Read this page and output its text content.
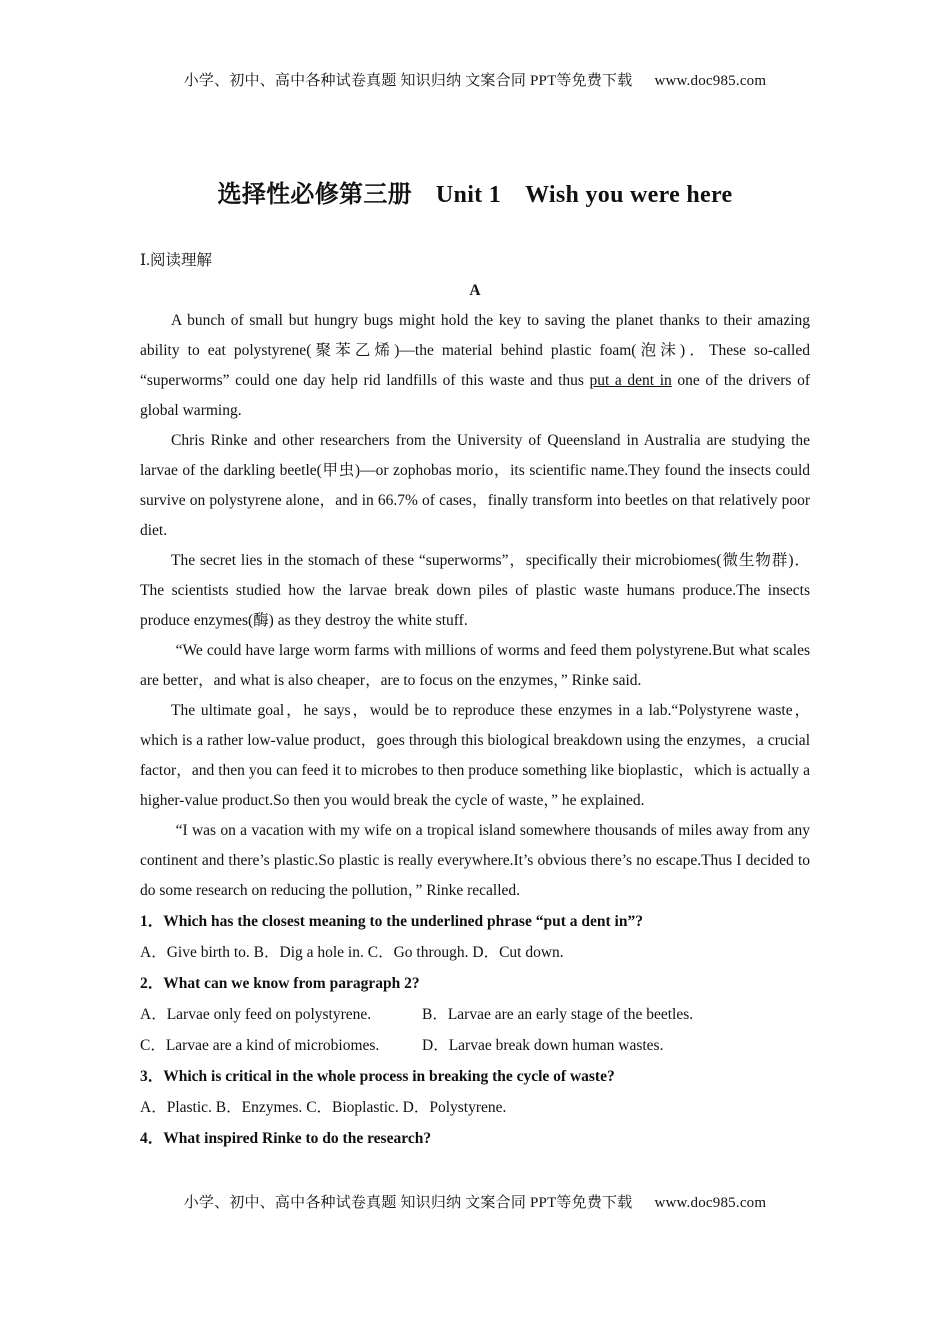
小学、初中、高中各种试卷真题 知识归纳 文案合同 PPT等免费下载 www.doc985.com
选择性必修第三册 Unit 1 Wish you were here
Ⅰ.阅读理解
A

A bunch of small but hungry bugs might hold the key to saving the planet thanks to their amazing ability to eat polystyrene(聚苯乙烯)—the material behind plastic foam(泡沫)．These so-called “superworms” could one day help rid landfills of this waste and thus put a dent in one of the drivers of global warming.

Chris Rinke and other researchers from the University of Queensland in Australia are studying the larvae of the darkling beetle(甲虫)—or zophobas morio，its scientific name.They found the insects could survive on polystyrene alone，and in 66.7% of cases，finally transform into beetles on that relatively poor diet.

The secret lies in the stomach of these “superworms”，specifically their microbiomes(微生物群)．The scientists studied how the larvae break down piles of plastic waste humans produce.The insects produce enzymes(酶) as they destroy the white stuff.

“We could have large worm farms with millions of worms and feed them polystyrene.But what scales are better，and what is also cheaper，are to focus on the enzymes，” Rinke said.

The ultimate goal，he says，would be to reproduce these enzymes in a lab.“Polystyrene waste，which is a rather low-value product，goes through this biological breakdown using the enzymes，a crucial factor，and then you can feed it to microbes to then produce something like bioplastic，which is actually a higher-value product.So then you would break the cycle of waste，” he explained.

“I was on a vacation with my wife on a tropical island somewhere thousands of miles away from any continent and there’s plastic.So plastic is really everywhere.It’s obvious there’s no escape.Thus I decided to do some research on reducing the pollution，” Rinke recalled.

1．Which has the closest meaning to the underlined phrase “put a dent in”?

A．Give birth to. B．Dig a hole in. C．Go through. D．Cut down.

2．What can we know from paragraph 2?

A．Larvae only feed on polystyrene.	B．Larvae are an early stage of the beetles.

C．Larvae are a kind of microbiomes.	D．Larvae break down human wastes.

3．Which is critical in the whole process in breaking the cycle of waste?

A．Plastic. B．Enzymes. C．Bioplastic. D．Polystyrene.

4．What inspired Rinke to do the research?

小学、初中、高中各种试卷真题 知识归纳 文案合同 PPT等免费下载 www.doc985.com
